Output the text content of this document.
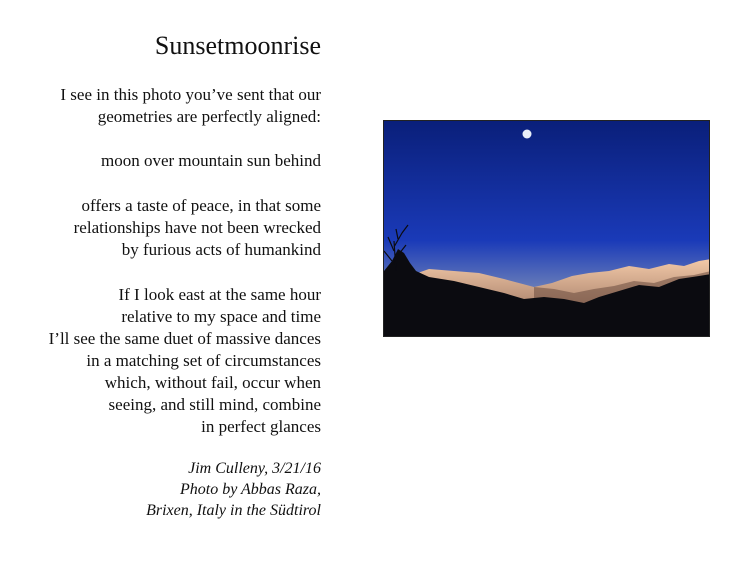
Sunsetmoonrise
I see in this photo you’ve sent that our
geometries are perfectly aligned:
moon over mountain sun behind
offers a taste of peace, in that some
relationships have not been wrecked
by furious acts of humankind
If I look east at the same hour
relative to my space and time
I’ll see the same duet of massive dances
in a matching set of circumstances
which, without fail, occur when
seeing, and still mind, combine
in perfect glances
Jim Culleny, 3/21/16
Photo by Abbas Raza,
Brixen, Italy in the Südtirol
